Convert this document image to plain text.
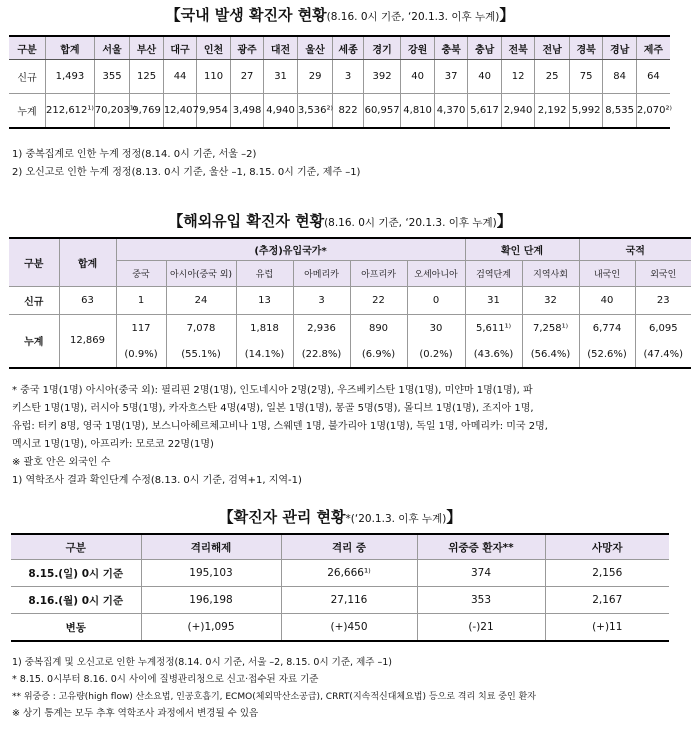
【국내 발생 확진자 현황(8.16. 0시 기준, ‘20.1.3. 이후 누계)】
구분	합계	서울	부산	대구	인천	광주	대전	울산	세종	경기	강원	충북	충남	전북	전남	경북	경남	제주
신규	1,493	355	125	44	110	27	31	29	3	392	40	37	40	12	25	75	84	64
누계	212,612¹⁾	70,203¹⁾	9,769	12,407	9,954	3,498	4,940	3,536²⁾	822	60,957	4,810	4,370	5,617	2,940	2,192	5,992	8,535	2,070²⁾
1) 중복집계로 인한 누계 정정(8.14. 0시 기준, 서울 –2)
2) 오신고로 인한 누계 정정(8.13. 0시 기준, 울산 –1, 8.15. 0시 기준, 제주 –1)
【해외유입 확진자 현황(8.16. 0시 기준, ‘20.1.3. 이후 누계)】
구분	합계	(추정)유입국가*						확인 단계		국적	
		중국	아시아(중국 외)	유럽	아메리카	아프리카	오세아니아	검역단계	지역사회	내국인	외국인
신규	63	1	24	13	3	22	0	31	32	40	23
누계	12,869	117	7,078	1,818	2,936	890	30	5,611¹⁾	7,258¹⁾	6,774	6,095
		(0.9%)	(55.1%)	(14.1%)	(22.8%)	(6.9%)	(0.2%)	(43.6%)	(56.4%)	(52.6%)	(47.4%)
* 중국 1명(1명) 아시아(중국 외): 필리핀 2명(1명), 인도네시아 2명(2명), 우즈베키스탄 1명(1명), 미얀마 1명(1명), 파
키스탄 1명(1명), 러시아 5명(1명), 카자흐스탄 4명(4명), 일본 1명(1명), 몽골 5명(5명), 몰디브 1명(1명), 조지아 1명,
유럽: 터키 8명, 영국 1명(1명), 보스니아헤르체고비나 1명, 스웨덴 1명, 불가리아 1명(1명), 독일 1명, 아메리카: 미국 2명,
멕시코 1명(1명), 아프리카: 모로코 22명(1명)
※ 괄호 안은 외국인 수
1) 역학조사 결과 확인단계 수정(8.13. 0시 기준, 검역+1, 지역-1)
【확진자 관리 현황*(‘20.1.3. 이후 누계)】
구분	격리해제	격리 중	위중증 환자**	사망자
8.15.(일) 0시 기준	195,103	26,666¹⁾	374	2,156
8.16.(월) 0시 기준	196,198	27,116	353	2,167
변동	(+)1,095	(+)450	(-)21	(+)11
1) 중복집계 및 오신고로 인한 누계정정(8.14. 0시 기준, 서울 –2, 8.15. 0시 기준, 제주 –1)
* 8.15. 0시부터 8.16. 0시 사이에 질병관리청으로 신고·접수된 자료 기준
** 위중증 : 고유량(high flow) 산소요법, 인공호흡기, ECMO(체외막산소공급), CRRT(지속적신대체요법) 등으로 격리 치료 중인 환자
※ 상기 통계는 모두 추후 역학조사 과정에서 변경될 수 있음
